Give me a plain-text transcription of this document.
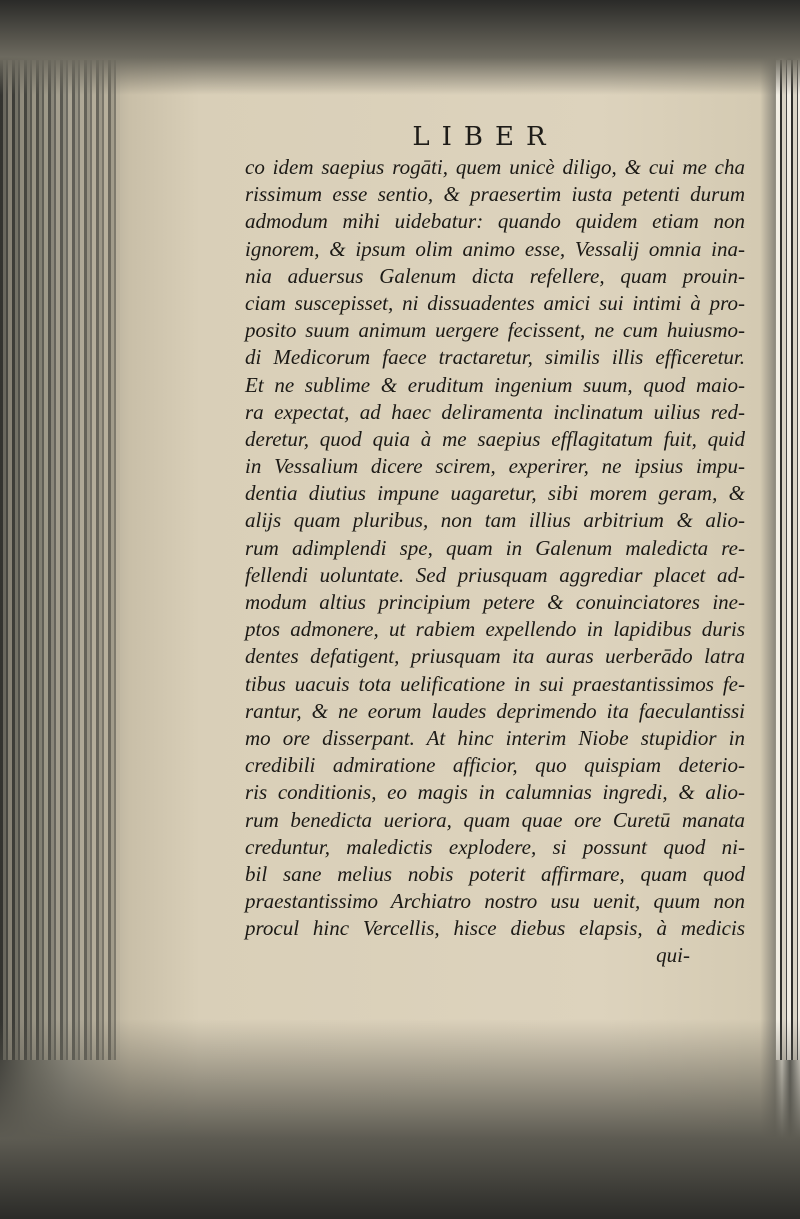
LIBER
co idem saepius rogāti, quem unicè diligo, & cui me cha
rissimum esse sentio, & praesertim iusta petenti durum
admodum mihi uidebatur: quando quidem etiam non
ignorem, & ipsum olim animo esse, Vessalij omnia ina-
nia aduersus Galenum dicta refellere, quam prouin-
ciam suscepisset, ni dissuadentes amici sui intimi à pro-
posito suum animum uergere fecissent, ne cum huiusmo-
di Medicorum faece tractaretur, similis illis efficeretur.
Et ne sublime & eruditum ingenium suum, quod maio-
ra expectat, ad haec deliramenta inclinatum uilius red-
deretur, quod quia à me saepius efflagitatum fuit, quid
in Vessalium dicere scirem, experirer, ne ipsius impu-
dentia diutius impune uagaretur, sibi morem geram, &
alijs quam pluribus, non tam illius arbitrium & alio-
rum adimplendi spe, quam in Galenum maledicta re-
fellendi uoluntate. Sed priusquam aggrediar placet ad-
modum altius principium petere & conuinciatores ine-
ptos admonere, ut rabiem expellendo in lapidibus duris
dentes defatigent, priusquam ita auras uerberādo latra
tibus uacuis tota uelificatione in sui praestantissimos fe-
rantur, & ne eorum laudes deprimendo ita faeculantissi
mo ore disserpant. At hinc interim Niobe stupidior in
credibili admiratione afficior, quo quispiam deterio-
ris conditionis, eo magis in calumnias ingredi, & alio-
rum benedicta ueriora, quam quae ore Curetū manata
creduntur, maledictis explodere, si possunt quod ni-
bil sane melius nobis poterit affirmare, quam quod
praestantissimo Archiatro nostro usu uenit, quum non
procul hinc Vercellis, hisce diebus elapsis, à medicis
qui-
